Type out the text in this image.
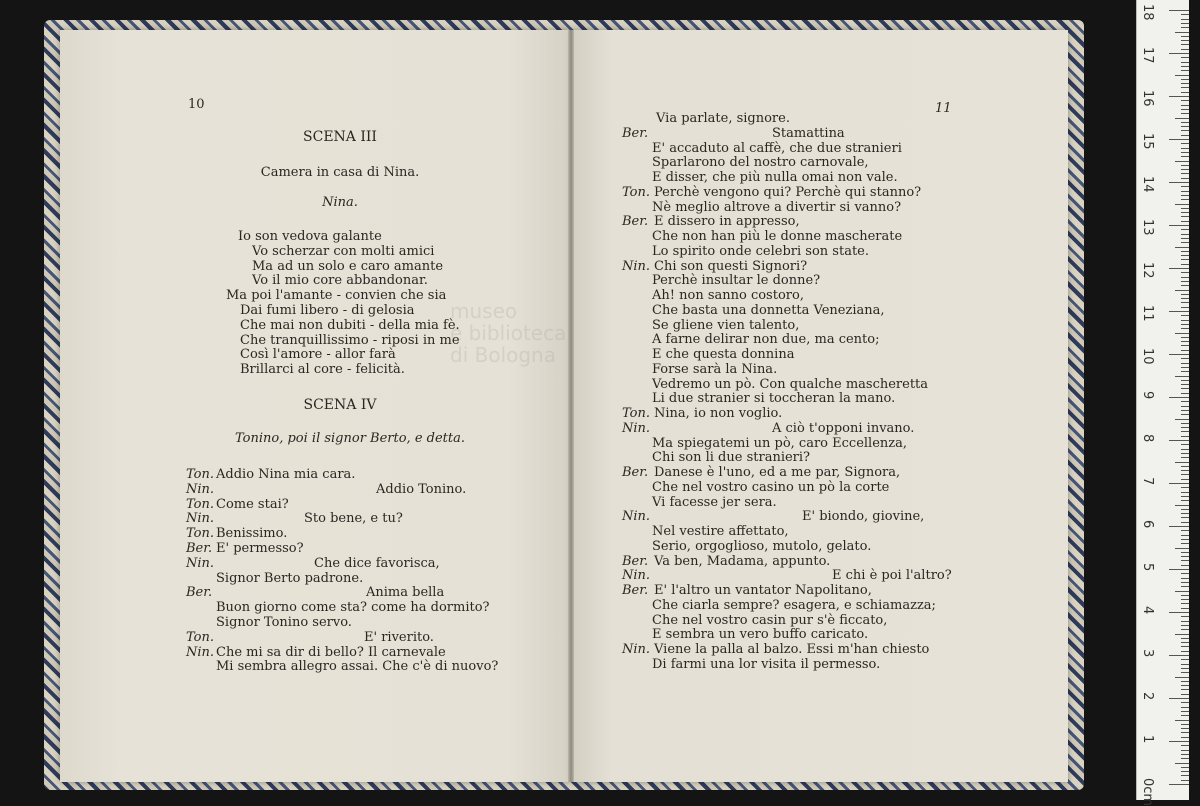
museo
e biblioteca
di Bologna
10
SCENA III
Camera in casa di Nina.
Nina.
Io son vedova galante
Vo scherzar con molti amici
Ma ad un solo e caro amante
Vo il mio core abbandonar.
Ma poi l'amante - convien che sia
Dai fumi libero - di gelosia
Che mai non dubiti - della mia fè.
Che tranquillissimo - riposi in me
Così l'amore - allor farà
Brillarci al core - felicità.
SCENA IV
Tonino, poi il signor Berto, e detta.
Ton. Addio Nina mia cara.
Nin.	Addio Tonino.
Ton. Come stai?
Nin.	Sto bene, e tu?
Ton. Benissimo.
Ber. E' permesso?
Nin.	Che dice favorisca,
Signor Berto padrone.
Ber.	Anima bella
Buon giorno come sta? come ha dormito?
Signor Tonino servo.
Ton.	E' riverito.
Nin. Che mi sa dir di bello? Il carnevale
Mi sembra allegro assai. Che c'è di nuovo?
11
Via parlate, signore.
Ber.	Stamattina
E' accaduto al caffè, che due stranieri
Sparlarono del nostro carnovale,
E disser, che più nulla omai non vale.
Ton. Perchè vengono qui? Perchè qui stanno?
Nè meglio altrove a divertir si vanno?
Ber. E dissero in appresso,
Che non han più le donne mascherate
Lo spirito onde celebri son state.
Nin. Chi son questi Signori?
Perchè insultar le donne?
Ah! non sanno costoro,
Che basta una donnetta Veneziana,
Se gliene vien talento,
A farne delirar non due, ma cento;
E che questa donnina
Forse sarà la Nina.
Vedremo un pò. Con qualche mascheretta
Li due stranier si toccheran la mano.
Ton. Nina, io non voglio.
Nin.	A ciò t'opponi invano.
Ma spiegatemi un pò, caro Eccellenza,
Chi son li due stranieri?
Ber. Danese è l'uno, ed a me par, Signora,
Che nel vostro casino un pò la corte
Vi facesse jer sera.
Nin.	E' biondo, giovine,
Nel vestire affettato,
Serio, orgoglioso, mutolo, gelato.
Ber. Va ben, Madama, appunto.
Nin.	E chi è poi l'altro?
Ber. E' l'altro un vantator Napolitano,
Che ciarla sempre? esagera, e schiamazza;
Che nel vostro casin pur s'è ficcato,
E sembra un vero buffo caricato.
Nin. Viene la palla al balzo. Essi m'han chiesto
Di farmi una lor visita il permesso.
0cm
1
2
3
4
5
6
7
8
9
10
11
12
13
14
15
16
17
18
